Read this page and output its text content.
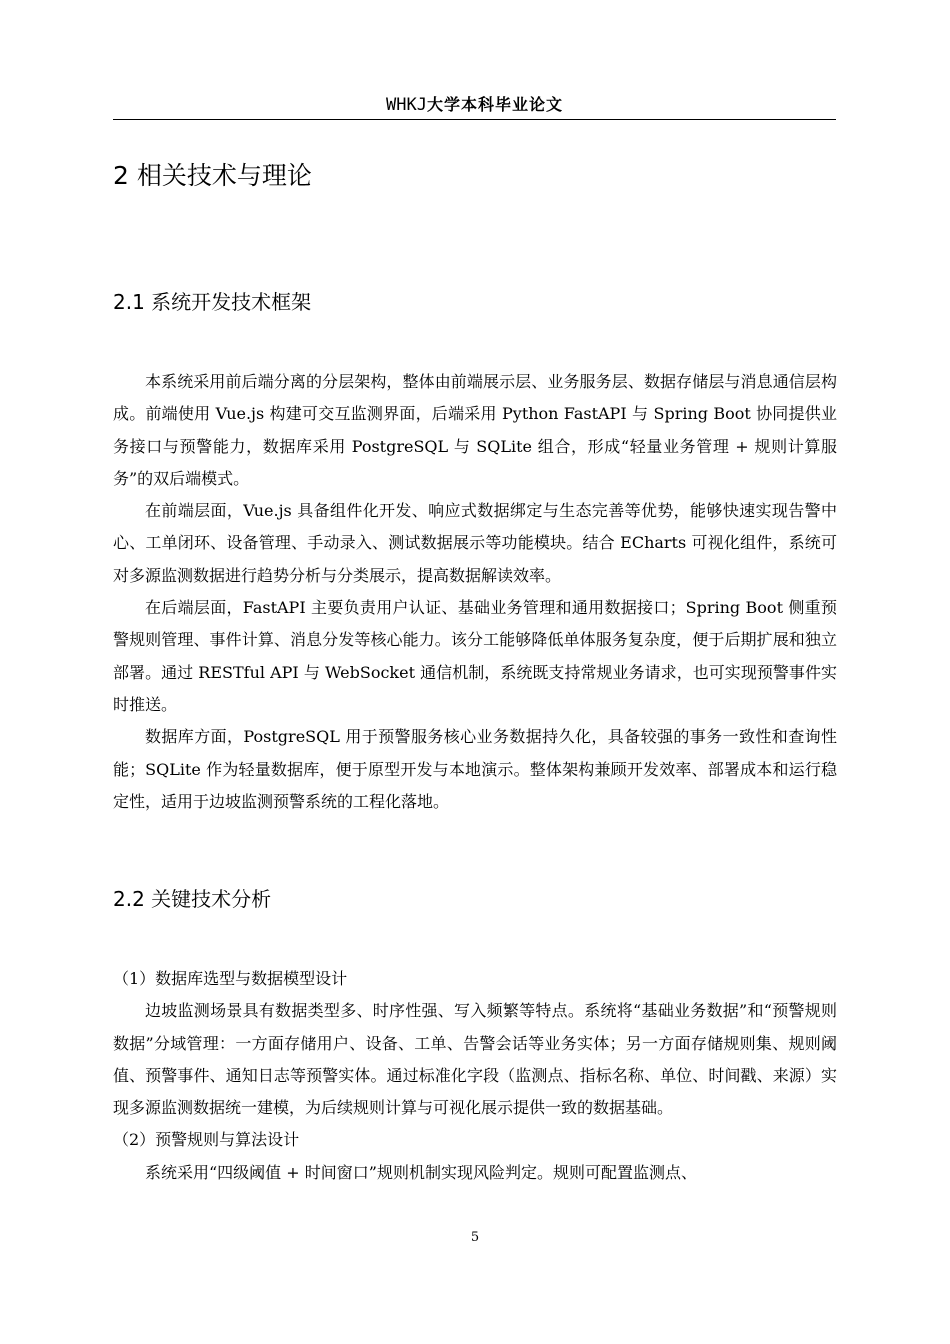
WHKJ大学本科毕业论文
2 相关技术与理论
2.1 系统开发技术框架

本系统采用前后端分离的分层架构，整体由前端展示层、业务服务层、数据存储层与消息通信层构成。前端使用 Vue.js 构建可交互监测界面，后端采用 Python FastAPI 与 Spring Boot 协同提供业务接口与预警能力，数据库采用 PostgreSQL 与 SQLite 组合，形成“轻量业务管理 + 规则计算服务”的双后端模式。

在前端层面，Vue.js 具备组件化开发、响应式数据绑定与生态完善等优势，能够快速实现告警中心、工单闭环、设备管理、手动录入、测试数据展示等功能模块。结合 ECharts 可视化组件，系统可对多源监测数据进行趋势分析与分类展示，提高数据解读效率。

在后端层面，FastAPI 主要负责用户认证、基础业务管理和通用数据接口；Spring Boot 侧重预警规则管理、事件计算、消息分发等核心能力。该分工能够降低单体服务复杂度，便于后期扩展和独立部署。通过 RESTful API 与 WebSocket 通信机制，系统既支持常规业务请求，也可实现预警事件实时推送。

数据库方面，PostgreSQL 用于预警服务核心业务数据持久化，具备较强的事务一致性和查询性能；SQLite 作为轻量数据库，便于原型开发与本地演示。整体架构兼顾开发效率、部署成本和运行稳定性，适用于边坡监测预警系统的工程化落地。

2.2 关键技术分析

（1）数据库选型与数据模型设计

边坡监测场景具有数据类型多、时序性强、写入频繁等特点。系统将“基础业务数据”和“预警规则数据”分域管理：一方面存储用户、设备、工单、告警会话等业务实体；另一方面存储规则集、规则阈值、预警事件、通知日志等预警实体。通过标准化字段（监测点、指标名称、单位、时间戳、来源）实现多源监测数据统一建模，为后续规则计算与可视化展示提供一致的数据基础。

（2）预警规则与算法设计

系统采用“四级阈值 + 时间窗口”规则机制实现风险判定。规则可配置监测点、

5
